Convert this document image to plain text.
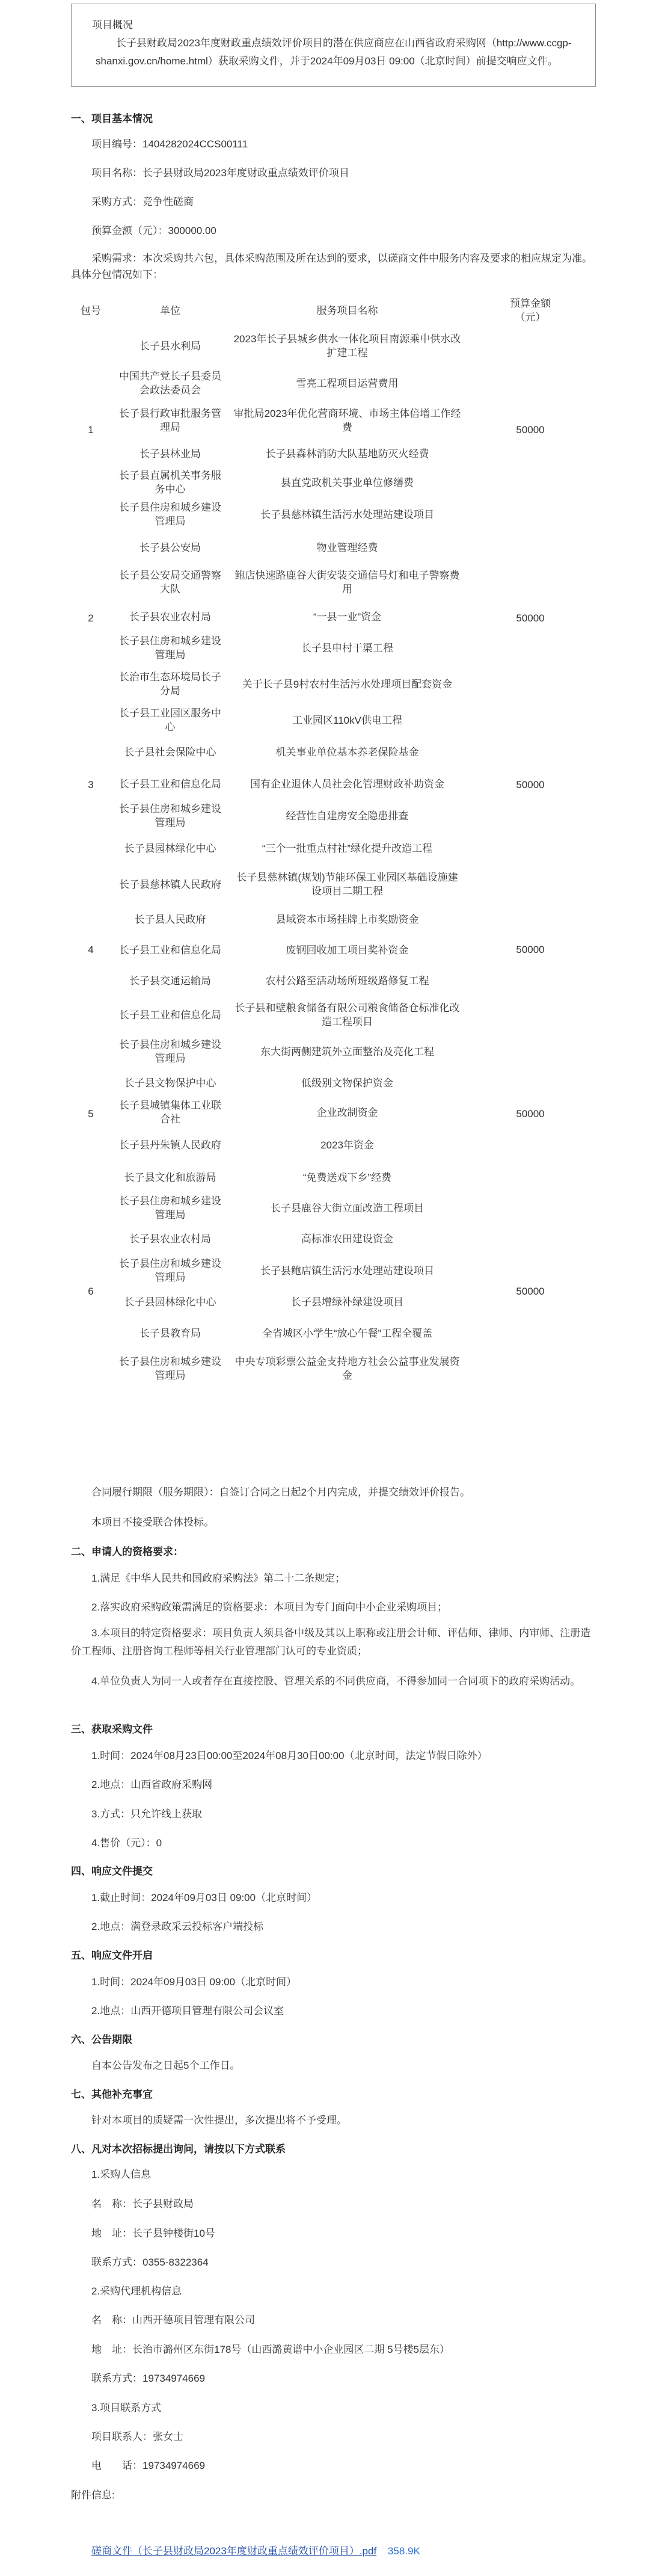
项目概况
长子县财政局2023年度财政重点绩效评价项目的潜在供应商应在山西省政府采购网（http://www.ccgp-shanxi.gov.cn/home.html）获取采购文件，并于2024年09月03日 09:00（北京时间）前提交响应文件。
一、项目基本情况
项目编号：1404282024CCS00111
项目名称：长子县财政局2023年度财政重点绩效评价项目
采购方式：竞争性磋商
预算金额（元）：300000.00
采购需求：本次采购共六包，具体采购范围及所在达到的要求，以磋商文件中服务内容及要求的相应规定为准。具体分包情况如下：
包号	单位	服务项目名称	预算金额（元）
1	长子县水利局	2023年长子县城乡供水一体化项目南源乘中供水改扩建工程	50000
	中国共产党长子县委员会政法委员会	雪亮工程项目运营费用	
	长子县行政审批服务管理局	审批局2023年优化营商环境、市场主体倍增工作经费	
	长子县林业局	长子县森林消防大队基地防灭火经费	
	长子县直属机关事务服务中心	县直党政机关事业单位修缮费	
	长子县住房和城乡建设管理局	长子县慈林镇生活污水处理站建设项目	
2	长子县公安局	物业管理经费	50000
	长子县公安局交通警察大队	鲍店快速路鹿谷大街安装交通信号灯和电子警察费用	
	长子县农业农村局	“一县一业”资金	
	长子县住房和城乡建设管理局	长子县申村干渠工程	
	长治市生态环境局长子分局	关于长子县9村农村生活污水处理项目配套资金	
3	长子县工业园区服务中心	工业园区110kV供电工程	50000
	长子县社会保险中心	机关事业单位基本养老保险基金	
	长子县工业和信息化局	国有企业退休人员社会化管理财政补助资金	
	长子县住房和城乡建设管理局	经营性自建房安全隐患排查	
	长子县园林绿化中心	“三个一批重点村社”绿化提升改造工程	
4	长子县慈林镇人民政府	长子县慈林镇(规划)节能环保工业园区基础设施建设项目二期工程	50000
	长子县人民政府	县域资本市场挂牌上市奖励资金	
	长子县工业和信息化局	废钢回收加工项目奖补资金	
	长子县交通运输局	农村公路至活动场所班级路修复工程	
	长子县工业和信息化局	长子县和壁粮食储备有限公司粮食储备仓标准化改造工程项目	
5	长子县住房和城乡建设管理局	东大街两侧建筑外立面整治及亮化工程	50000
	长子县文物保护中心	低级别文物保护资金	
	长子县城镇集体工业联合社	企业改制资金	
	长子县丹朱镇人民政府	2023年资金	
	长子县文化和旅游局	“免费送戏下乡”经费	
6	长子县住房和城乡建设管理局	长子县鹿谷大街立面改造工程项目	50000
	长子县农业农村局	高标准农田建设资金	
	长子县住房和城乡建设管理局	长子县鲍店镇生活污水处理站建设项目	
	长子县园林绿化中心	长子县增绿补绿建设项目	
	长子县教育局	全省城区小学生“放心午餐”工程全覆盖	
	长子县住房和城乡建设管理局	中央专项彩票公益金支持地方社会公益事业发展资金	
合同履行期限（服务期限）：自签订合同之日起2个月内完成，并提交绩效评价报告。
本项目不接受联合体投标。
二、申请人的资格要求：
1.满足《中华人民共和国政府采购法》第二十二条规定；
2.落实政府采购政策需满足的资格要求：本项目为专门面向中小企业采购项目；
3.本项目的特定资格要求：项目负责人须具备中级及其以上职称或注册会计师、评估师、律师、内审师、注册造价工程师、注册咨询工程师等相关行业管理部门认可的专业资质；
4.单位负责人为同一人或者存在直接控股、管理关系的不同供应商，不得参加同一合同项下的政府采购活动。
三、获取采购文件
1.时间：2024年08月23日00:00至2024年08月30日00:00（北京时间，法定节假日除外）
2.地点：山西省政府采购网
3.方式：只允许线上获取
4.售价（元）：0
四、响应文件提交
1.截止时间：2024年09月03日 09:00（北京时间）
2.地点：满登录政采云投标客户端投标
五、响应文件开启
1.时间：2024年09月03日 09:00（北京时间）
2.地点：山西开德项目管理有限公司会议室
六、公告期限
自本公告发布之日起5个工作日。
七、其他补充事宜
针对本项目的质疑需一次性提出，多次提出将不予受理。
八、凡对本次招标提出询问，请按以下方式联系
1.采购人信息
名　称：长子县财政局
地　址：长子县钟楼街10号
联系方式：0355-8322364
2.采购代理机构信息
名　称：山西开德项目管理有限公司
地　址：长治市潞州区东街178号（山西潞黄谱中小企业园区二期 5号楼5层东）
联系方式：19734974669
3.项目联系方式
项目联系人：张女士
电　　话：19734974669
附件信息:
磋商文件（长子县财政局2023年度财政重点绩效评价项目）.pdf 358.9K
